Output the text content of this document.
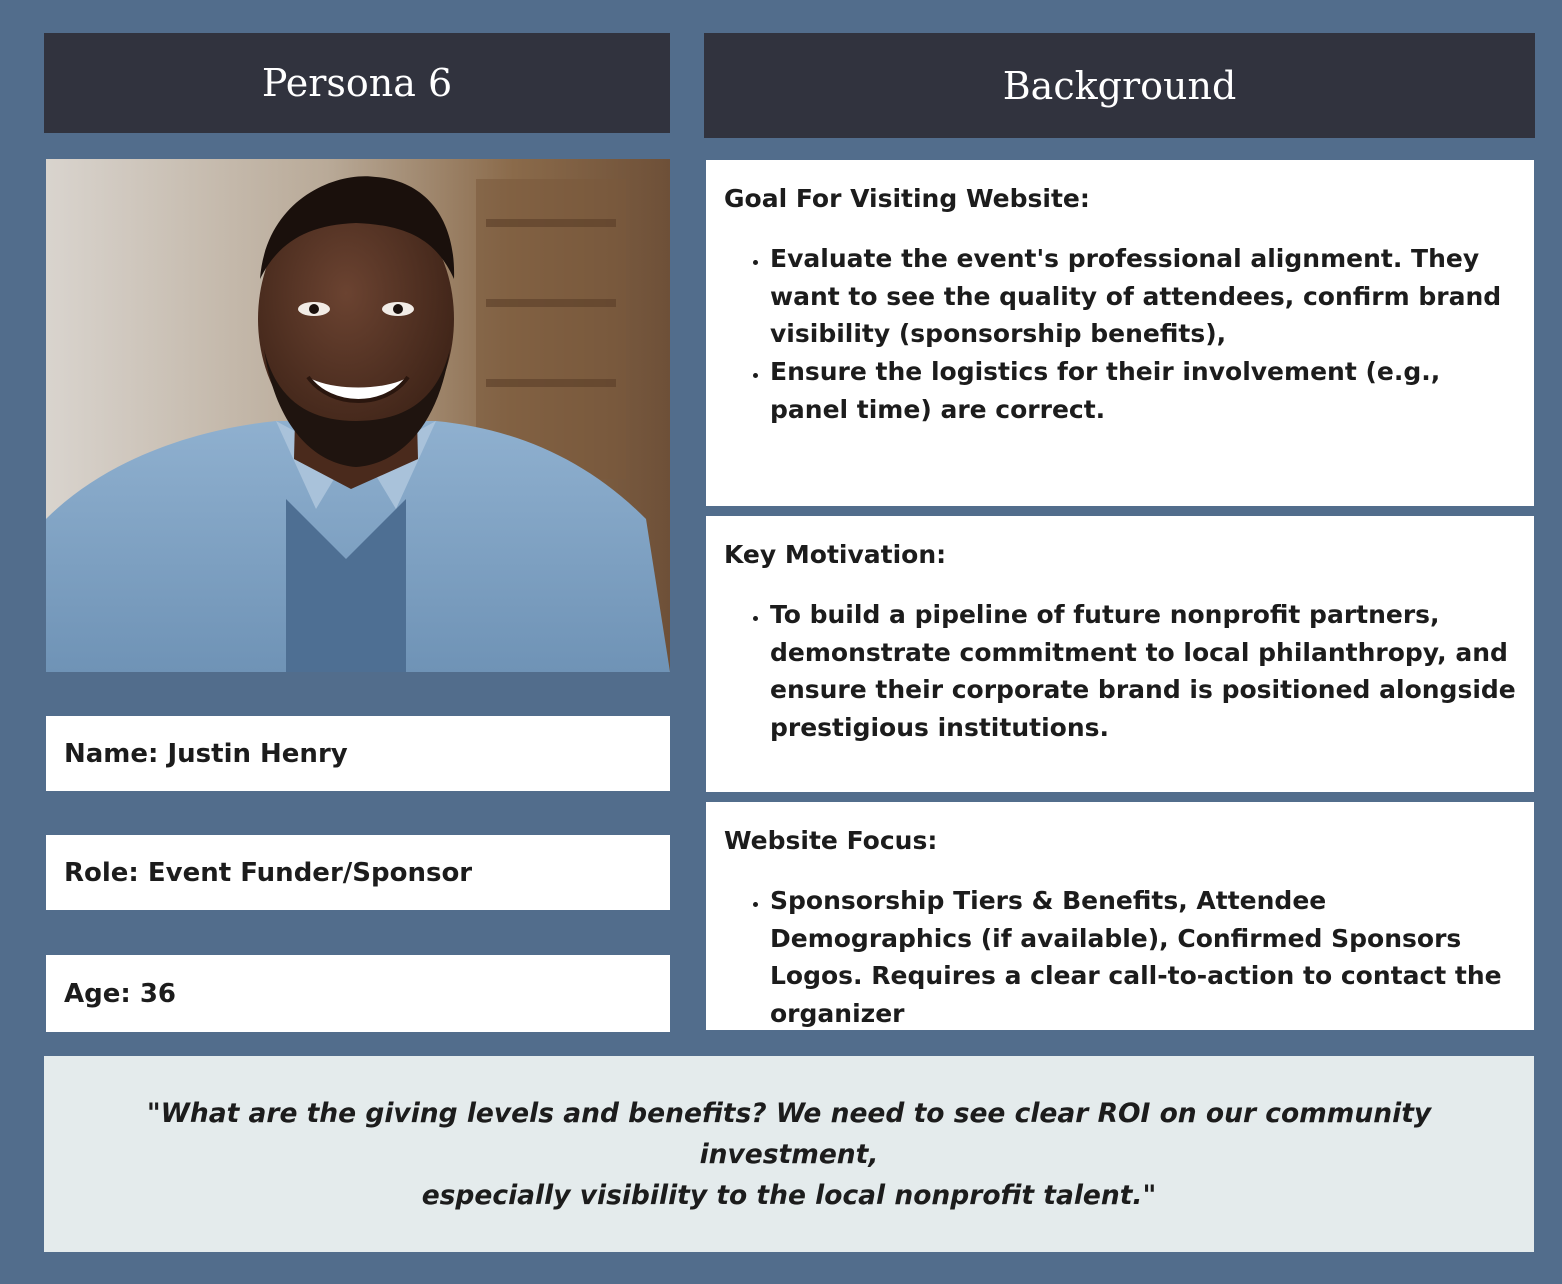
Persona 6	Background
Name: Justin Henry
Role: Event Funder/Sponsor
Age: 36

Goal For Visiting Website:

• Evaluate the event's professional alignment. They want to see the quality of attendees, confirm brand visibility (sponsorship benefits),
• Ensure the logistics for their involvement (e.g., panel time) are correct.

Key Motivation:

• To build a pipeline of future nonprofit partners, demonstrate commitment to local philanthropy, and ensure their corporate brand is positioned alongside prestigious institutions.

Website Focus:

• Sponsorship Tiers & Benefits, Attendee Demographics (if available), Confirmed Sponsors Logos. Requires a clear call-to-action to contact the organizer

"What are the giving levels and benefits? We need to see clear ROI on our community investment,
especially visibility to the local nonprofit talent."
